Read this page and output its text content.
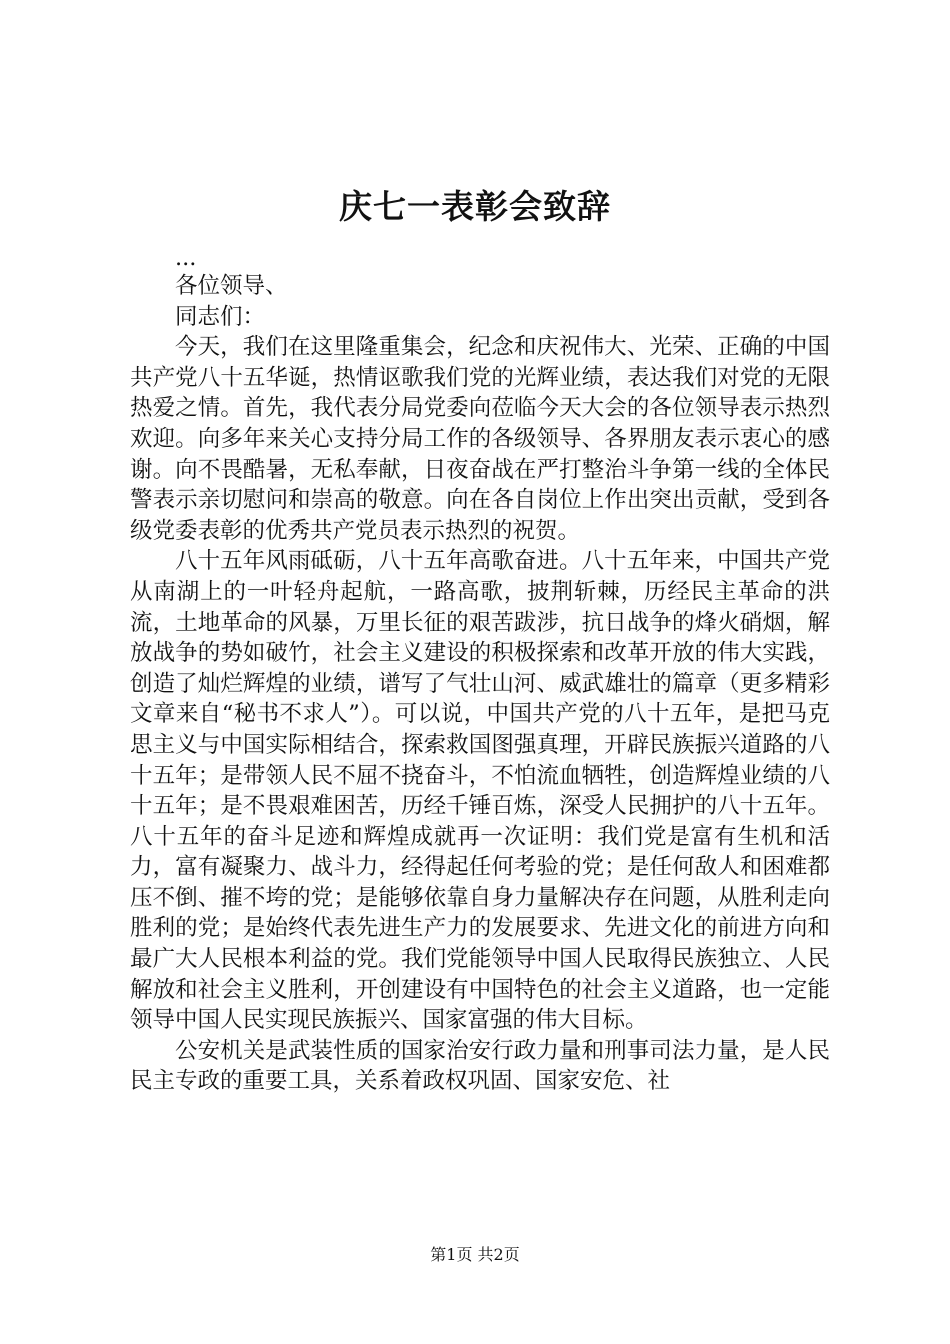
庆七一表彰会致辞

...

各位领导、

同志们：

今天，我们在这里隆重集会，纪念和庆祝伟大、光荣、正确的中国共产党八十五华诞，热情讴歌我们党的光辉业绩，表达我们对党的无限热爱之情。首先，我代表分局党委向莅临今天大会的各位领导表示热烈欢迎。向多年来关心支持分局工作的各级领导、各界朋友表示衷心的感谢。向不畏酷暑，无私奉献，日夜奋战在严打整治斗争第一线的全体民警表示亲切慰问和崇高的敬意。向在各自岗位上作出突出贡献，受到各级党委表彰的优秀共产党员表示热烈的祝贺。

八十五年风雨砥砺，八十五年高歌奋进。八十五年来，中国共产党从南湖上的一叶轻舟起航，一路高歌，披荆斩棘，历经民主革命的洪流，土地革命的风暴，万里长征的艰苦跋涉，抗日战争的烽火硝烟，解放战争的势如破竹，社会主义建设的积极探索和改革开放的伟大实践，创造了灿烂辉煌的业绩，谱写了气壮山河、威武雄壮的篇章（更多精彩文章来自“秘书不求人”）。可以说，中国共产党的八十五年，是把马克思主义与中国实际相结合，探索救国图强真理，开辟民族振兴道路的八十五年；是带领人民不屈不挠奋斗，不怕流血牺牲，创造辉煌业绩的八十五年；是不畏艰难困苦，历经千锤百炼，深受人民拥护的八十五年。八十五年的奋斗足迹和辉煌成就再一次证明：我们党是富有生机和活力，富有凝聚力、战斗力，经得起任何考验的党；是任何敌人和困难都压不倒、摧不垮的党；是能够依靠自身力量解决存在问题，从胜利走向胜利的党；是始终代表先进生产力的发展要求、先进文化的前进方向和最广大人民根本利益的党。我们党能领导中国人民取得民族独立、人民解放和社会主义胜利，开创建设有中国特色的社会主义道路，也一定能领导中国人民实现民族振兴、国家富强的伟大目标。

公安机关是武装性质的国家治安行政力量和刑事司法力量，是人民民主专政的重要工具，关系着政权巩固、国家安危、社

第1页 共2页
